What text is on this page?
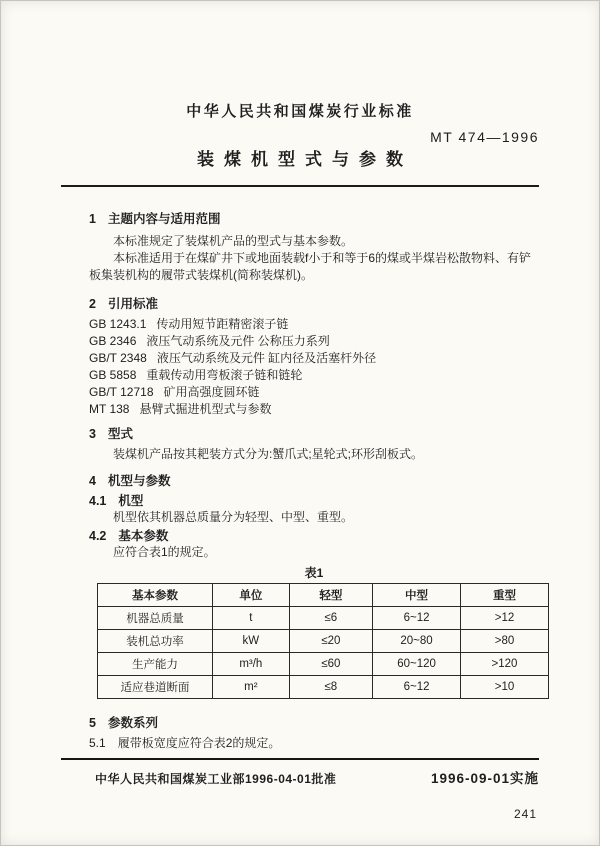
中华人民共和国煤炭行业标准
MT 474—1996
装煤机型式与参数
1 主题内容与适用范围

本标准规定了装煤机产品的型式与基本参数。

本标准适用于在煤矿井下或地面装载f小于和等于6的煤或半煤岩松散物料、有铲板集装机构的履带式装煤机(简称装煤机)。

2 引用标准
GB 1243.1 传动用短节距精密滚子链
GB 2346 液压气动系统及元件 公称压力系列
GB/T 2348 液压气动系统及元件 缸内径及活塞杆外径
GB 5858 重载传动用弯板滚子链和链轮
GB/T 12718 矿用高强度圆环链
MT 138 悬臂式掘进机型式与参数
3 型式

装煤机产品按其耙装方式分为:蟹爪式;星轮式;环形刮板式。

4 机型与参数
4.1 机型

机型依其机器总质量分为轻型、中型、重型。

4.2 基本参数

应符合表1的规定。

表1
基本参数	单位	轻型	中型	重型
机器总质量	t	≤6	6~12	>12
装机总功率	kW	≤20	20~80	>80
生产能力	m³/h	≤60	60~120	>120
适应巷道断面	m²	≤8	6~12	>10
5 参数系列

5.1 履带板宽度应符合表2的规定。

中华人民共和国煤炭工业部1996-04-01批准	1996-09-01实施
241
